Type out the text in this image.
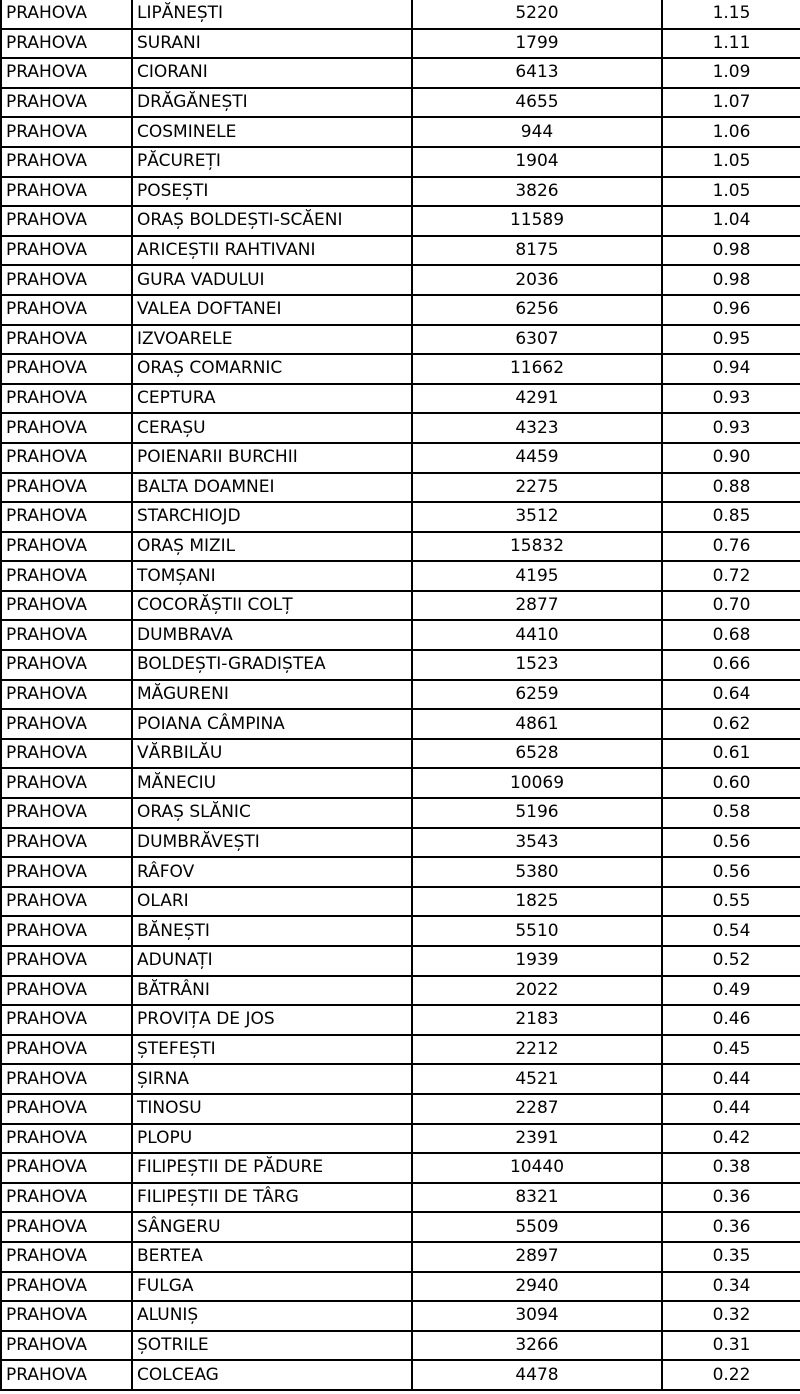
PRAHOVA	LIPĂNEȘTI	5220	1.15
PRAHOVA	SURANI	1799	1.11
PRAHOVA	CIORANI	6413	1.09
PRAHOVA	DRĂGĂNEȘTI	4655	1.07
PRAHOVA	COSMINELE	944	1.06
PRAHOVA	PĂCUREȚI	1904	1.05
PRAHOVA	POSEȘTI	3826	1.05
PRAHOVA	ORAȘ BOLDEȘTI-SCĂENI	11589	1.04
PRAHOVA	ARICEȘTII RAHTIVANI	8175	0.98
PRAHOVA	GURA VADULUI	2036	0.98
PRAHOVA	VALEA DOFTANEI	6256	0.96
PRAHOVA	IZVOARELE	6307	0.95
PRAHOVA	ORAȘ COMARNIC	11662	0.94
PRAHOVA	CEPTURA	4291	0.93
PRAHOVA	CERAȘU	4323	0.93
PRAHOVA	POIENARII BURCHII	4459	0.90
PRAHOVA	BALTA DOAMNEI	2275	0.88
PRAHOVA	STARCHIOJD	3512	0.85
PRAHOVA	ORAȘ MIZIL	15832	0.76
PRAHOVA	TOMȘANI	4195	0.72
PRAHOVA	COCORĂȘTII COLȚ	2877	0.70
PRAHOVA	DUMBRAVA	4410	0.68
PRAHOVA	BOLDEȘTI-GRADIȘTEA	1523	0.66
PRAHOVA	MĂGURENI	6259	0.64
PRAHOVA	POIANA CÂMPINA	4861	0.62
PRAHOVA	VĂRBILĂU	6528	0.61
PRAHOVA	MĂNECIU	10069	0.60
PRAHOVA	ORAȘ SLĂNIC	5196	0.58
PRAHOVA	DUMBRĂVEȘTI	3543	0.56
PRAHOVA	RÂFOV	5380	0.56
PRAHOVA	OLARI	1825	0.55
PRAHOVA	BĂNEȘTI	5510	0.54
PRAHOVA	ADUNAȚI	1939	0.52
PRAHOVA	BĂTRÂNI	2022	0.49
PRAHOVA	PROVIȚA DE JOS	2183	0.46
PRAHOVA	ȘTEFEȘTI	2212	0.45
PRAHOVA	ȘIRNA	4521	0.44
PRAHOVA	TINOSU	2287	0.44
PRAHOVA	PLOPU	2391	0.42
PRAHOVA	FILIPEȘTII DE PĂDURE	10440	0.38
PRAHOVA	FILIPEȘTII DE TÂRG	8321	0.36
PRAHOVA	SÂNGERU	5509	0.36
PRAHOVA	BERTEA	2897	0.35
PRAHOVA	FULGA	2940	0.34
PRAHOVA	ALUNIȘ	3094	0.32
PRAHOVA	ȘOTRILE	3266	0.31
PRAHOVA	COLCEAG	4478	0.22
